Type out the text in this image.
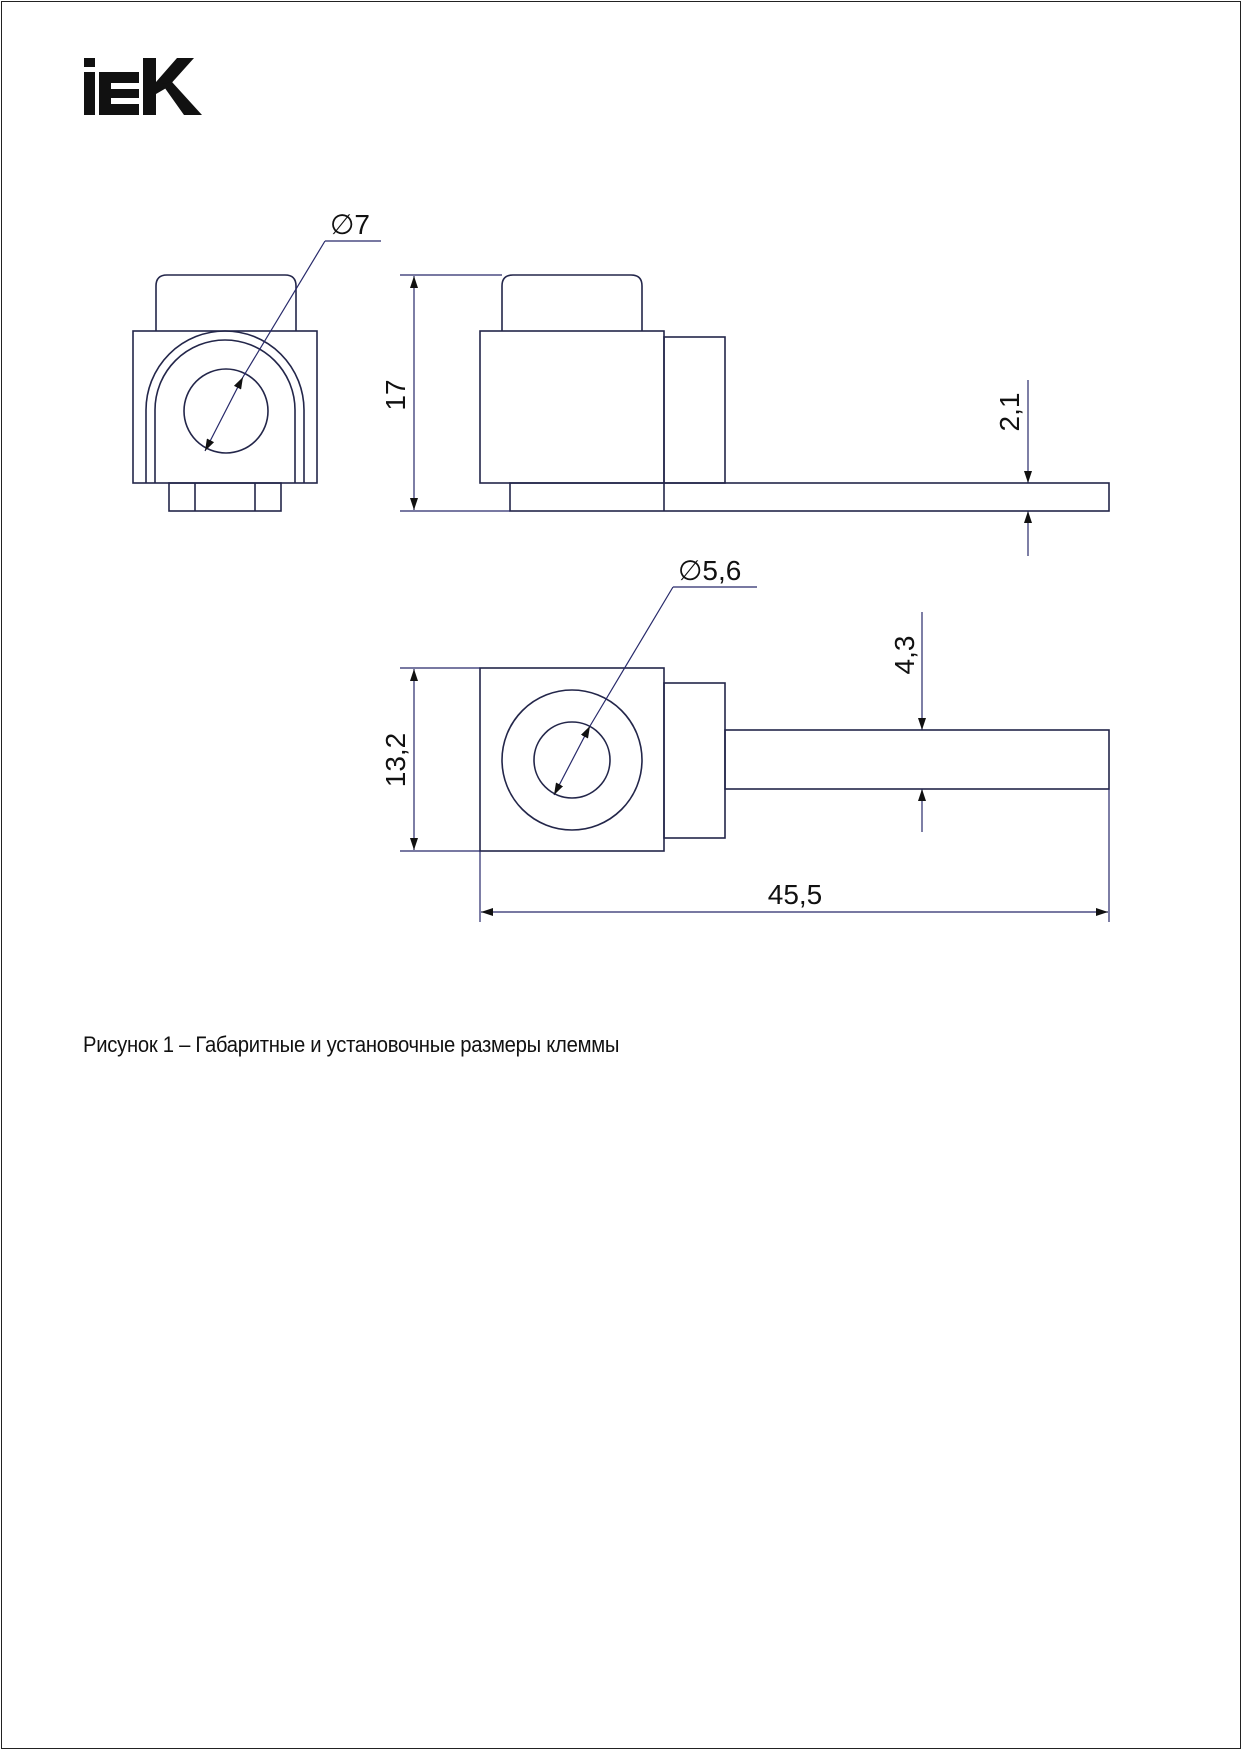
∅7
17	2,1
∅5,6
13,2
4,3
45,5
Рисунок 1 – Габаритные и установочные размеры клеммы
